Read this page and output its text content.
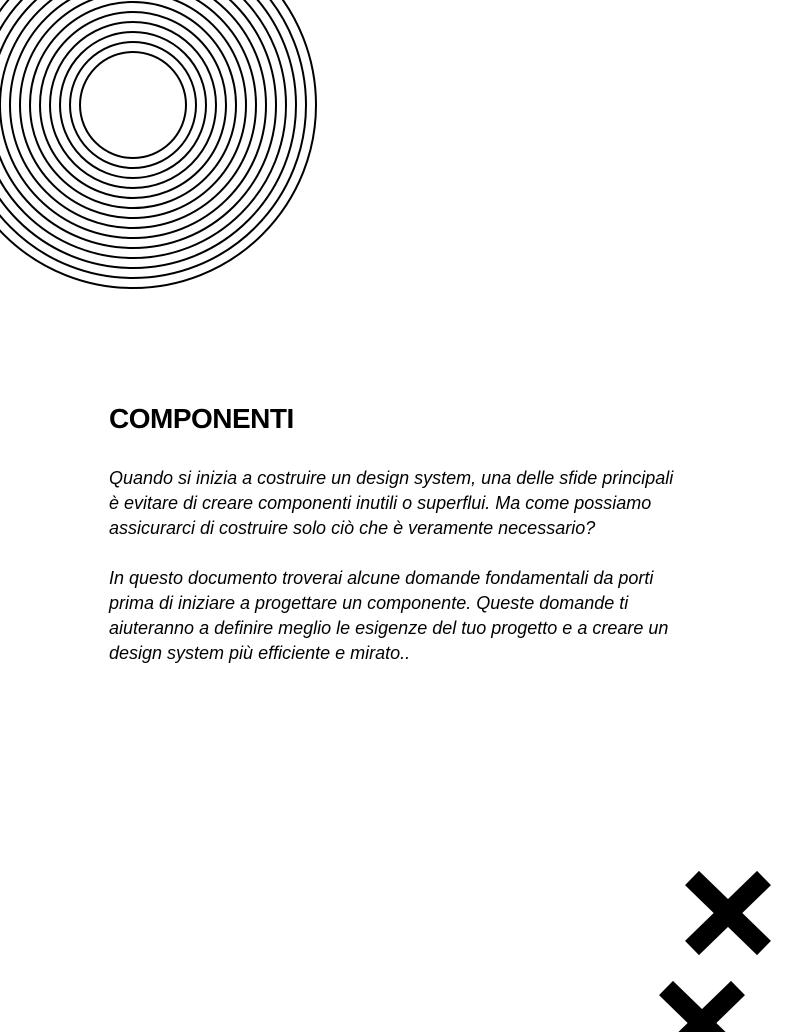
COMPONENTI

Quando si inizia a costruire un design system, una delle sfide principali è evitare di creare componenti inutili o superflui. Ma come possiamo assicurarci di costruire solo ciò che è veramente necessario?

In questo documento troverai alcune domande fondamentali da porti prima di iniziare a progettare un componente. Queste domande ti aiuteranno a definire meglio le esigenze del tuo progetto e a creare un design system più efficiente e mirato..
